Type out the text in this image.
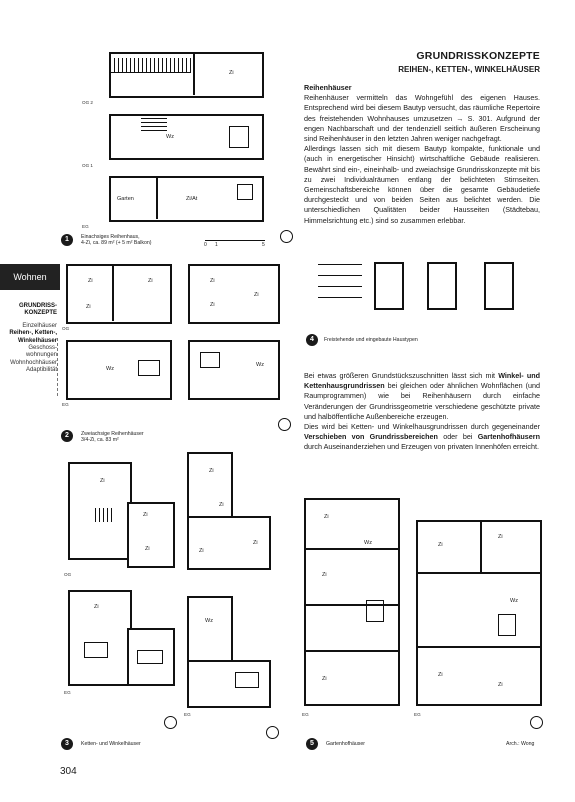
GRUNDRISSKONZEPTE
REIHEN-, KETTEN-, WINKELHÄUSER
Wohnen
GRUNDRISS-
KONZEPTE
Einzelhäuser
Reihen-, Ketten-,
Winkelhäuser
Geschoss-
wohnungen
Wohnhochhäuser
Adaptibilität

Reihenhäuser

Reihenhäuser vermitteln das Wohngefühl des eigenen Hauses. Entsprechend wird bei diesem Bautyp versucht, das räumliche Repertoire des freistehenden Wohnhauses umzusetzen → S. 301. Aufgrund der engen Nachbarschaft und der tendenziell seitlich äußeren Erscheinung sind Reihenhäuser in den letzten Jahren weniger nachgefragt.

Allerdings lassen sich mit diesem Bautyp kompakte, funktionale und (auch in energetischer Hinsicht) wirtschaftliche Gebäude realisieren. Bewährt sind ein-, eineinhalb- und zweiachsige Grundrisskonzepte mit bis zu zwei Individualräumen entlang der belichteten Stirnseiten. Gemeinschaftsbereiche können über die gesamte Gebäudetiefe durchgesteckt und von beiden Seiten aus belichtet werden. Die unterschiedlichen Qualitäten beider Hausseiten (Städtebau, Himmelsrichtung etc.) sind so zusammen erlebbar.

Bei etwas größeren Grundstückszuschnitten lässt sich mit Winkel- und Kettenhausgrundrissen bei gleichen oder ähnlichen Wohnflächen (und Raumprogrammen) wie bei Reihenhäusern durch einfache Veränderungen der Grundrissgeometrie verschiedene geschützte private und halböffentliche Außenbereiche erzeugen.

Dies wird bei Ketten- und Winkelhausgrundrissen durch gegeneinander Verschieben von Grundrissbereichen oder bei Gartenhofhäusern durch Auseinanderziehen und Erzeugen von privaten Innenhöfen erreicht.

OG 2
Zi
OG 1
Wz
Garten	Zi/At
EG
1	Einachsiges Reihenhaus,
4-Zi, ca. 89 m² (+ 5 m² Balkon)	0 1	5
Zi	Zi
Zi
OG
Zi
Zi
Zi
Wz
EG
Wz
2	Zweiachsige Reihenhäuser
3/4-Zi, ca. 83 m²
4	Freistehende und eingebaute Haustypen
Zi
Zi
Zi
OG
Zi
Zi
Zi
Zi
Zi
EG
Wz
EG
3	Ketten- und Winkelhäuser
Zi
Zi
Wz
Zi
EG
Zi
Zi
Wz
Zi
Zi
EG
5	Gartenhofhäuser	Arch.: Wong
304
